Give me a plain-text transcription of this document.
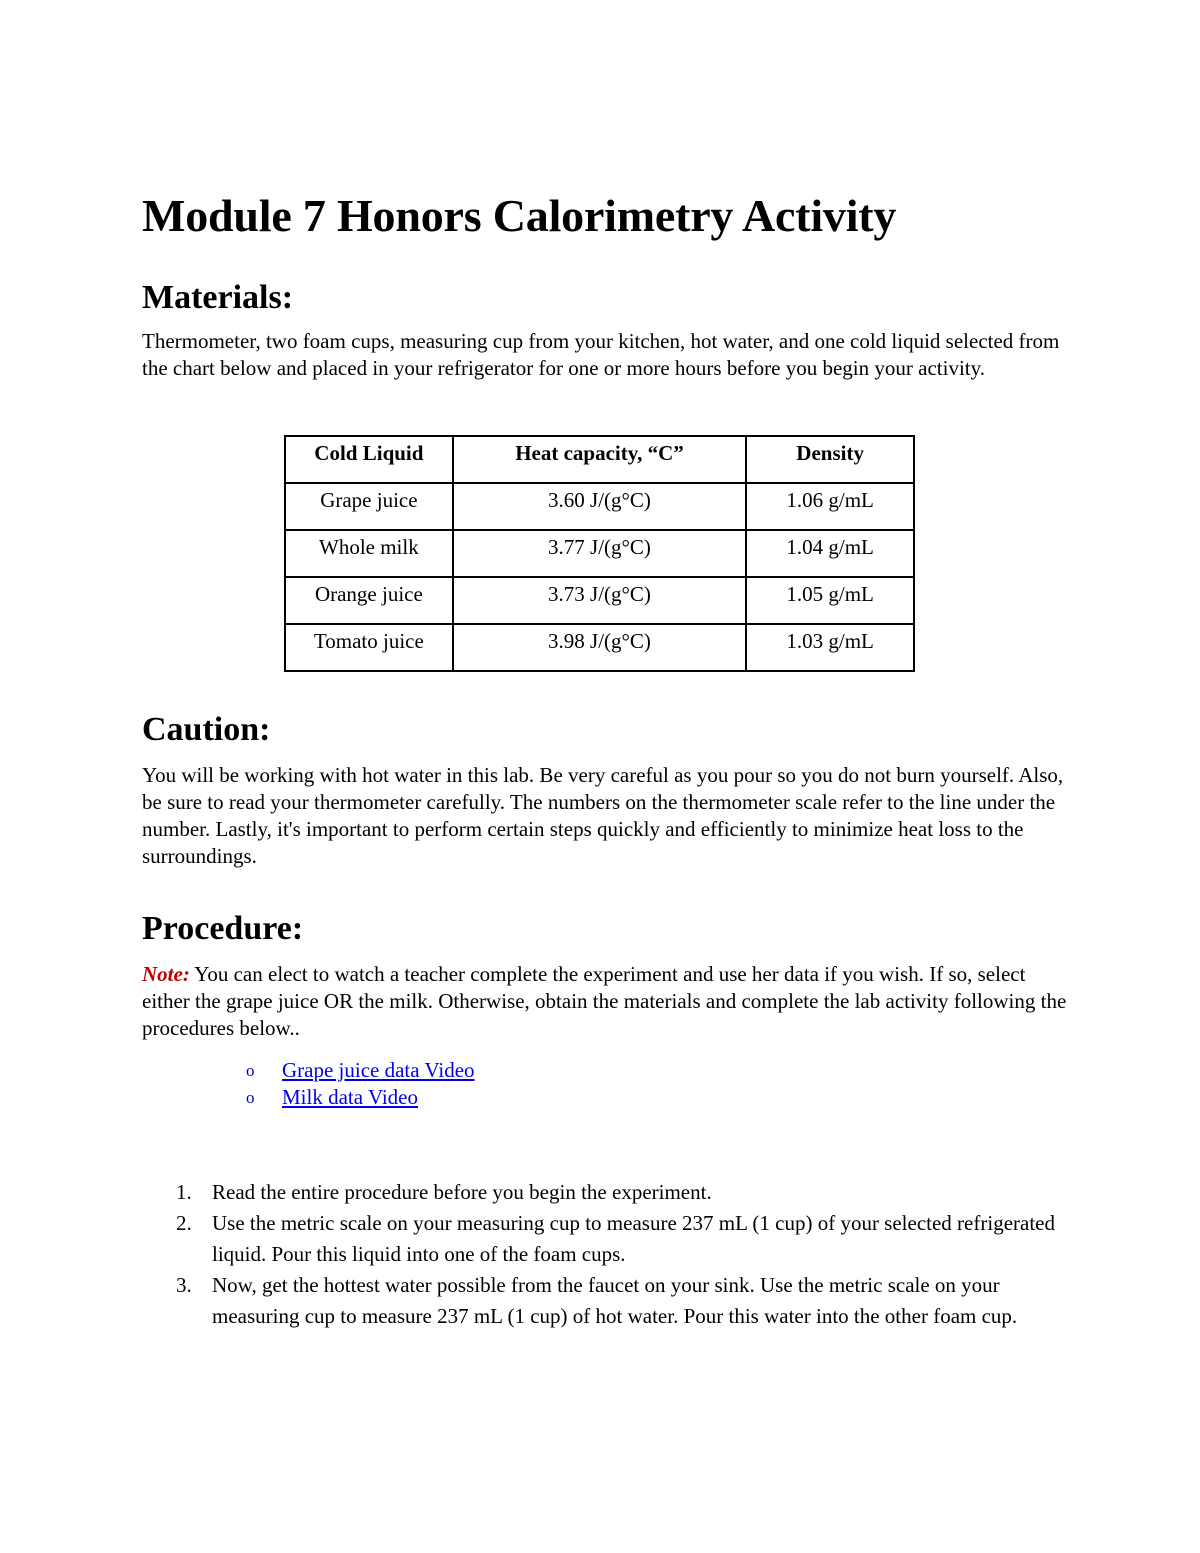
Module 7 Honors Calorimetry Activity
Materials:

Thermometer, two foam cups, measuring cup from your kitchen, hot water, and one cold liquid selected from the chart below and placed in your refrigerator for one or more hours before you begin your activity.

Cold Liquid	Heat capacity, “C”	Density
Grape juice	3.60 J/(g°C)	1.06 g/mL
Whole milk	3.77 J/(g°C)	1.04 g/mL
Orange juice	3.73 J/(g°C)	1.05 g/mL
Tomato juice	3.98 J/(g°C)	1.03 g/mL
Caution:

You will be working with hot water in this lab. Be very careful as you pour so you do not burn yourself. Also, be sure to read your thermometer carefully. The numbers on the thermometer scale refer to the line under the number. Lastly, it's important to perform certain steps quickly and efficiently to minimize heat loss to the surroundings.

Procedure:

Note: You can elect to watch a teacher complete the experiment and use her data if you wish. If so, select either the grape juice OR the milk. Otherwise, obtain the materials and complete the lab activity following the procedures below..

o Grape juice data Video
o Milk data Video
1. Read the entire procedure before you begin the experiment.
2. Use the metric scale on your measuring cup to measure 237 mL (1 cup) of your selected refrigerated liquid. Pour this liquid into one of the foam cups.
3. Now, get the hottest water possible from the faucet on your sink. Use the metric scale on your measuring cup to measure 237 mL (1 cup) of hot water. Pour this water into the other foam cup.
